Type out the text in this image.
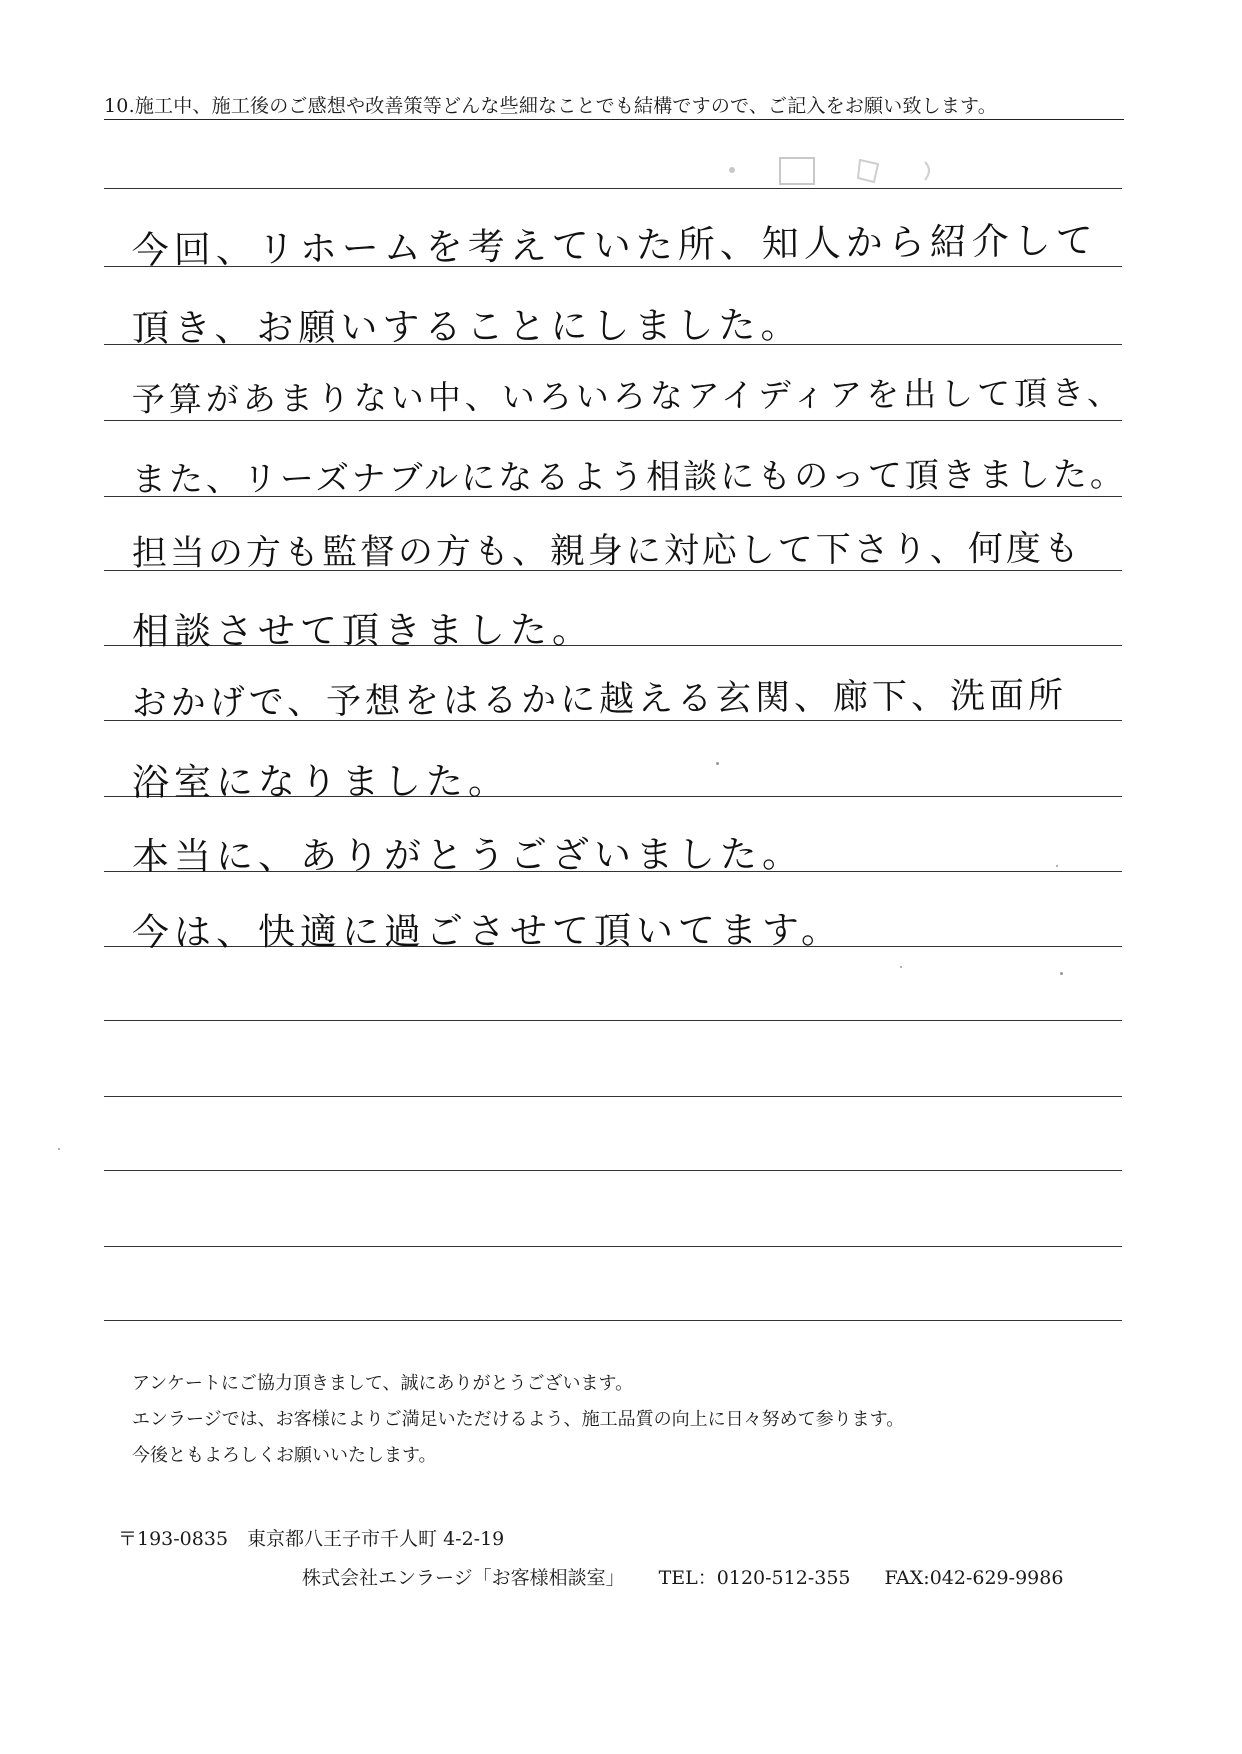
10.施工中、施工後のご感想や改善策等どんな些細なことでも結構ですので、ご記入をお願い致します。
今回、リホームを考えていた所、知人から紹介して
頂き、お願いすることにしました。
予算があまりない中、いろいろなアイディアを出して頂き、
また、リーズナブルになるよう相談にものって頂きました。
担当の方も監督の方も、親身に対応して下さり、何度も
相談させて頂きました。
おかげで、予想をはるかに越える玄関、廊下、洗面所
浴室になりました。
本当に、ありがとうございました。
今は、快適に過ごさせて頂いてます。
アンケートにご協力頂きまして、誠にありがとうございます。
エンラージでは、お客様によりご満足いただけるよう、施工品質の向上に日々努めて参ります。
今後ともよろしくお願いいたします。
〒193-0835　東京都八王子市千人町 4-2-19
株式会社エンラージ「お客様相談室」 TEL：0120-512-355 FAX:042-629-9986
